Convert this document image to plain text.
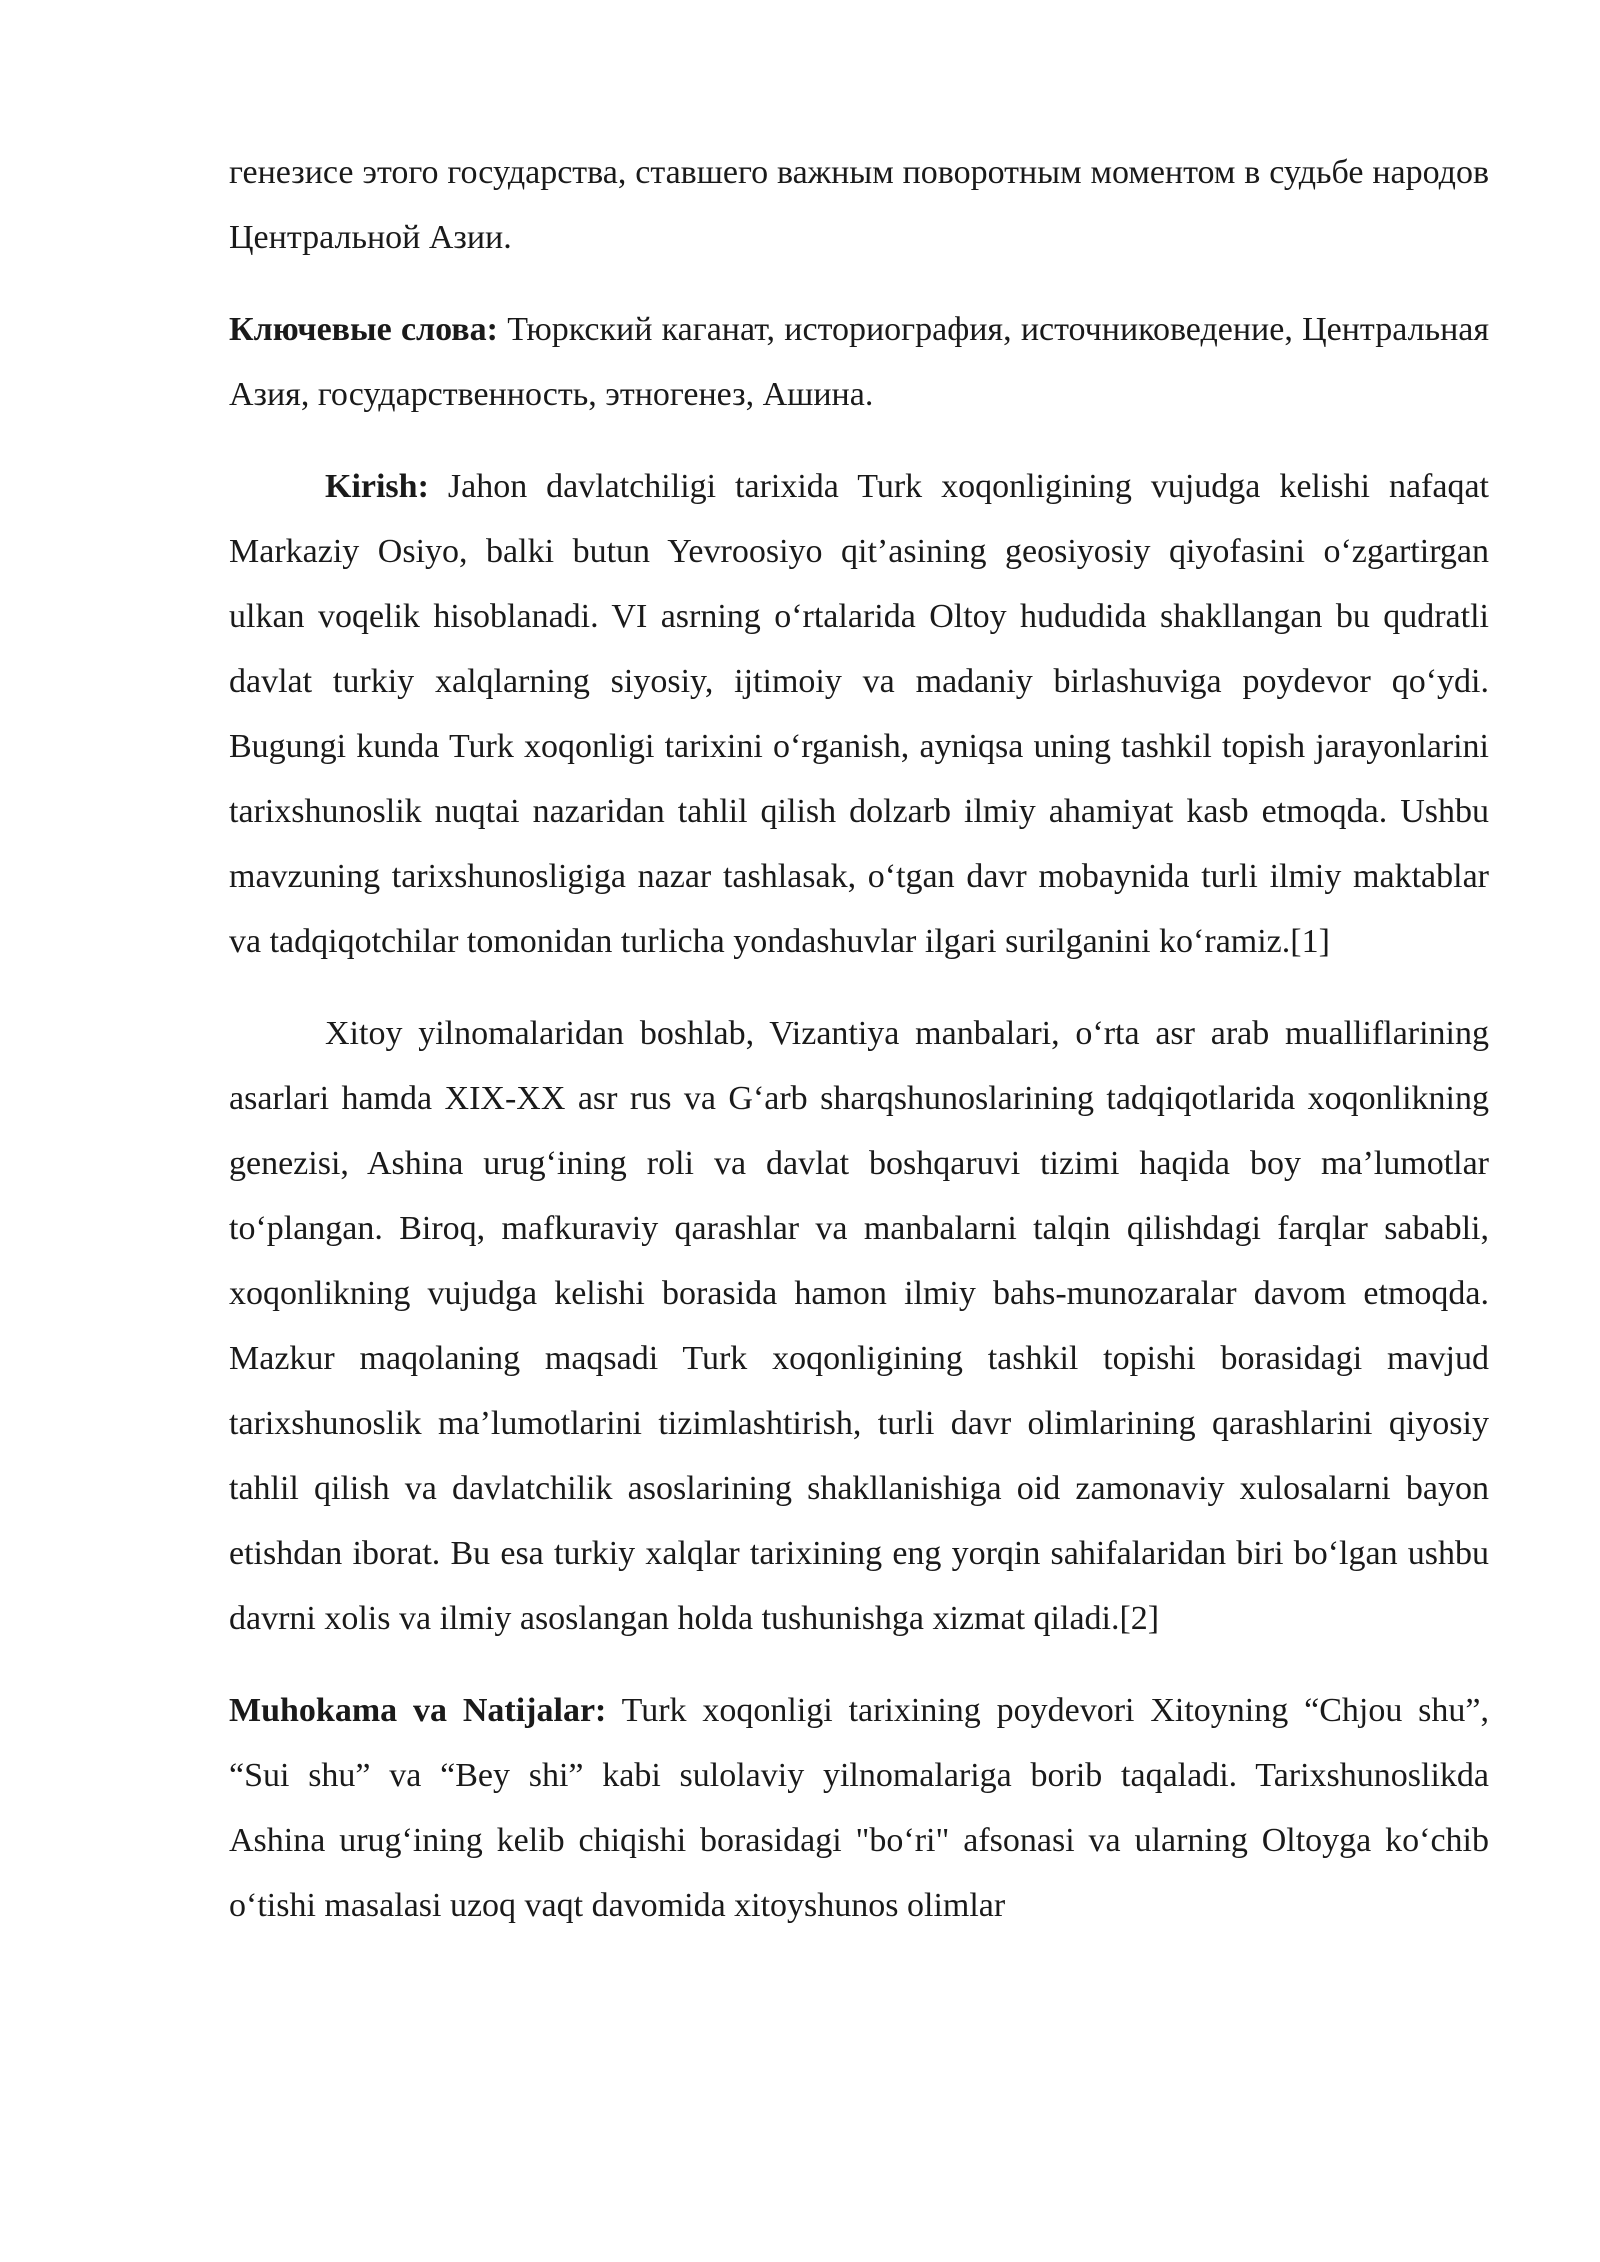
генезисе этого государства, ставшего важным поворотным моментом в судьбе народов Центральной Азии.

Ключевые слова: Тюркский каганат, историография, источниковедение, Центральная Азия, государственность, этногенез, Ашина.

Kirish: Jahon davlatchiligi tarixida Turk xoqonligining vujudga kelishi nafaqat Markaziy Osiyo, balki butun Yevroosiyo qit’asining geosiyosiy qiyofasini o‘zgartirgan ulkan voqelik hisoblanadi. VI asrning o‘rtalarida Oltoy hududida shakllangan bu qudratli davlat turkiy xalqlarning siyosiy, ijtimoiy va madaniy birlashuviga poydevor qo‘ydi. Bugungi kunda Turk xoqonligi tarixini o‘rganish, ayniqsa uning tashkil topish jarayonlarini tarixshunoslik nuqtai nazaridan tahlil qilish dolzarb ilmiy ahamiyat kasb etmoqda. Ushbu mavzuning tarixshunosligiga nazar tashlasak, o‘tgan davr mobaynida turli ilmiy maktablar va tadqiqotchilar tomonidan turlicha yondashuvlar ilgari surilganini ko‘ramiz.[1]

Xitoy yilnomalaridan boshlab, Vizantiya manbalari, o‘rta asr arab mualliflarining asarlari hamda XIX-XX asr rus va G‘arb sharqshunoslarining tadqiqotlarida xoqonlikning genezisi, Ashina urug‘ining roli va davlat boshqaruvi tizimi haqida boy ma’lumotlar to‘plangan. Biroq, mafkuraviy qarashlar va manbalarni talqin qilishdagi farqlar sababli, xoqonlikning vujudga kelishi borasida hamon ilmiy bahs-munozaralar davom etmoqda. Mazkur maqolaning maqsadi Turk xoqonligining tashkil topishi borasidagi mavjud tarixshunoslik ma’lumotlarini tizimlashtirish, turli davr olimlarining qarashlarini qiyosiy tahlil qilish va davlatchilik asoslarining shakllanishiga oid zamonaviy xulosalarni bayon etishdan iborat. Bu esa turkiy xalqlar tarixining eng yorqin sahifalaridan biri bo‘lgan ushbu davrni xolis va ilmiy asoslangan holda tushunishga xizmat qiladi.[2]

Muhokama va Natijalar: Turk xoqonligi tarixining poydevori Xitoyning “Chjou shu”, “Sui shu” va “Bey shi” kabi sulolaviy yilnomalariga borib taqaladi. Tarixshunoslikda Ashina urug‘ining kelib chiqishi borasidagi "bo‘ri" afsonasi va ularning Oltoyga ko‘chib o‘tishi masalasi uzoq vaqt davomida xitoyshunos olimlar
